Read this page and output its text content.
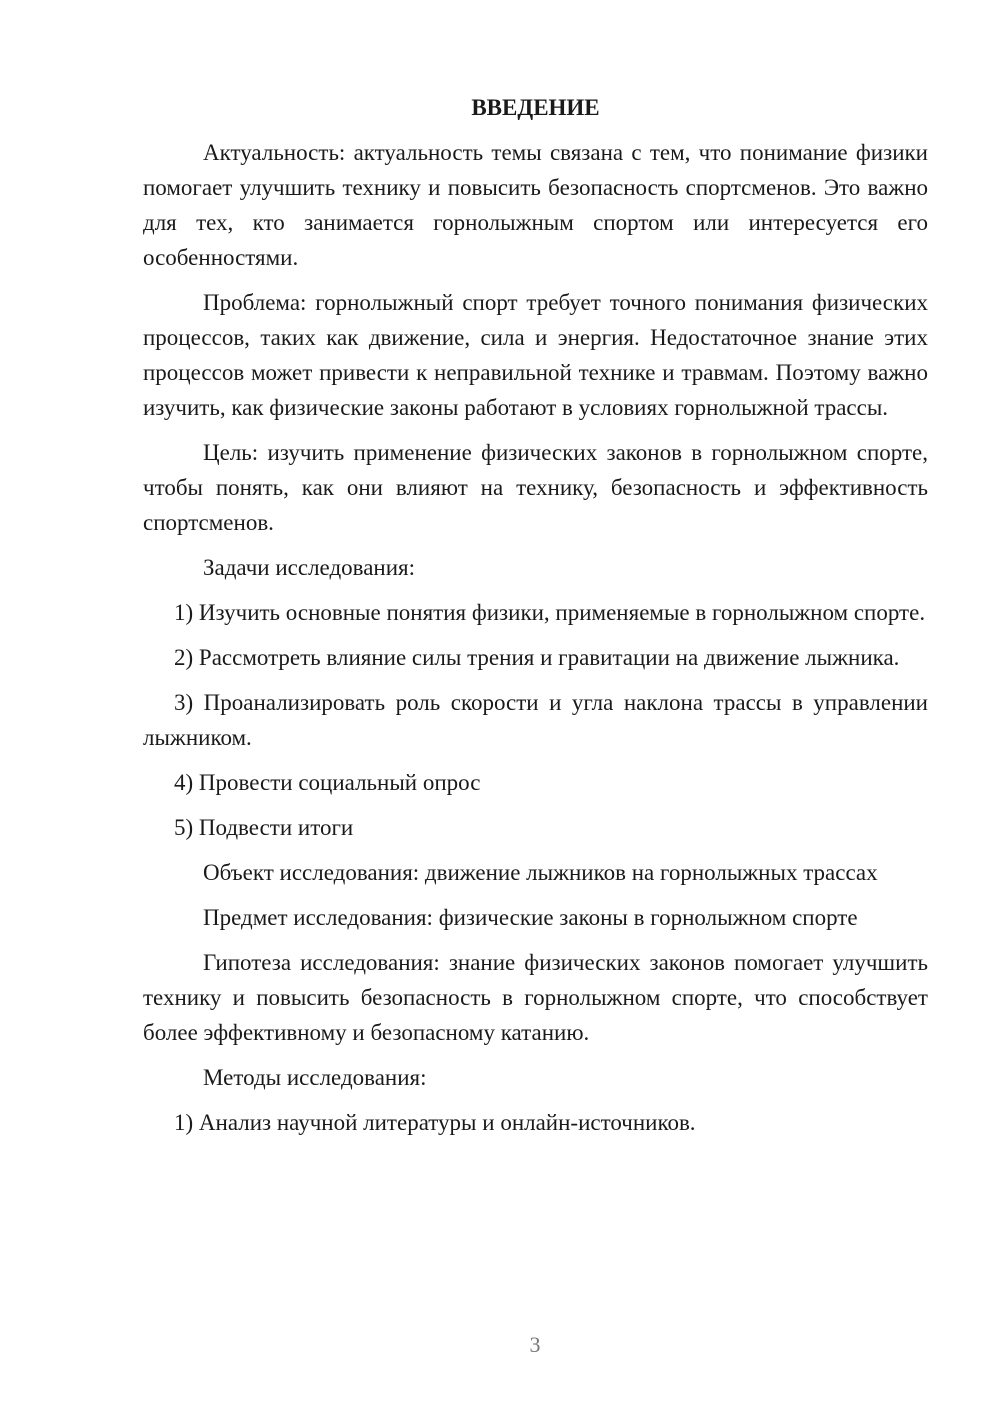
ВВЕДЕНИЕ

Актуальность: актуальность темы связана с тем, что понимание физики помогает улучшить технику и повысить безопасность спортсменов. Это важно для тех, кто занимается горнолыжным спортом или интересуется его особенностями.

Проблема: горнолыжный спорт требует точного понимания физических процессов, таких как движение, сила и энергия. Недостаточное знание этих процессов может привести к неправильной технике и травмам. Поэтому важно изучить, как физические законы работают в условиях горнолыжной трассы.

Цель: изучить применение физических законов в горнолыжном спорте, чтобы понять, как они влияют на технику, безопасность и эффективность спортсменов.

Задачи исследования:

1) Изучить основные понятия физики, применяемые в горнолыжном спорте.

2) Рассмотреть влияние силы трения и гравитации на движение лыжника.

3) Проанализировать роль скорости и угла наклона трассы в управлении лыжником.

4) Провести социальный опрос

5) Подвести итоги

Объект исследования: движение лыжников на горнолыжных трассах

Предмет исследования: физические законы в горнолыжном спорте

Гипотеза исследования: знание физических законов помогает улучшить технику и повысить безопасность в горнолыжном спорте, что способствует более эффективному и безопасному катанию.

Методы исследования:

1) Анализ научной литературы и онлайн-источников.

3
